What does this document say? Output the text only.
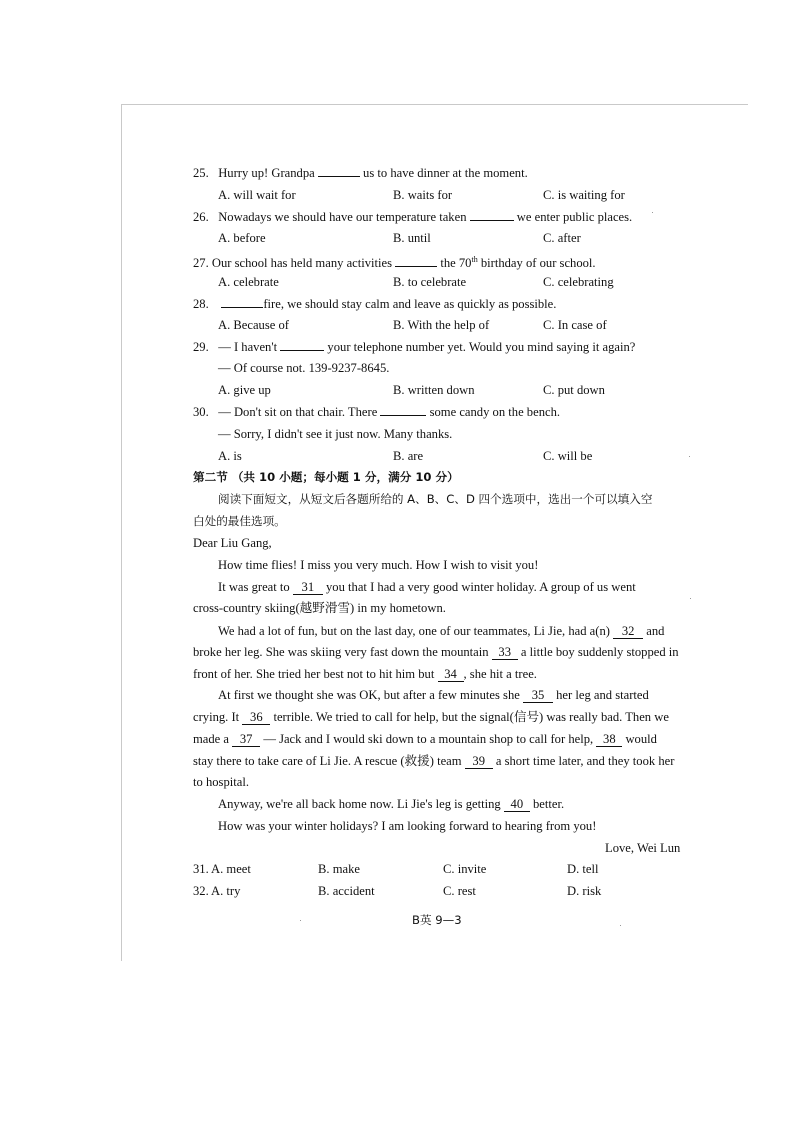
25. Hurry up! Grandpa	us to have dinner at the moment.
A. will wait for	B. waits for	C. is waiting for
26. Nowadays we should have our temperature taken	we enter public places.
A. before	B. until	C. after
27. Our school has held many activities	the 70th birthday of our school.
A. celebrate	B. to celebrate	C. celebrating
28.	fire, we should stay calm and leave as quickly as possible.
A. Because of	B. With the help of	C. In case of
29. — I haven't	your telephone number yet. Would you mind saying it again?
— Of course not. 139-9237-8645.
A. give up	B. written down	C. put down
30. — Don't sit on that chair. There	some candy on the bench.
— Sorry, I didn't see it just now. Many thanks.
A. is	B. are	C. will be
第二节 （共 10 小题；每小题 1 分，满分 10 分）
阅读下面短文，从短文后各题所给的 A、B、C、D 四个选项中，选出一个可以填入空
白处的最佳选项。
Dear Liu Gang,
How time flies! I miss you very much. How I wish to visit you!
It was great to 31 you that I had a very good winter holiday. A group of us went
cross-country skiing(越野滑雪) in my hometown.
We had a lot of fun, but on the last day, one of our teammates, Li Jie, had a(n) 32 and
broke her leg. She was skiing very fast down the mountain 33 a little boy suddenly stopped in
front of her. She tried her best not to hit him but 34 , she hit a tree.
At first we thought she was OK, but after a few minutes she 35 her leg and started
crying. It 36 terrible. We tried to call for help, but the signal(信号) was really bad. Then we
made a 37 — Jack and I would ski down to a mountain shop to call for help, 38 would
stay there to take care of Li Jie. A rescue (救援) team 39 a short time later, and they took her
to hospital.
Anyway, we're all back home now. Li Jie's leg is getting 40 better.
How was your winter holidays? I am looking forward to hearing from you!
Love, Wei Lun
31. A. meet	B. make	C. invite	D. tell
32. A. try	B. accident	C. rest	D. risk
B英 9—3
